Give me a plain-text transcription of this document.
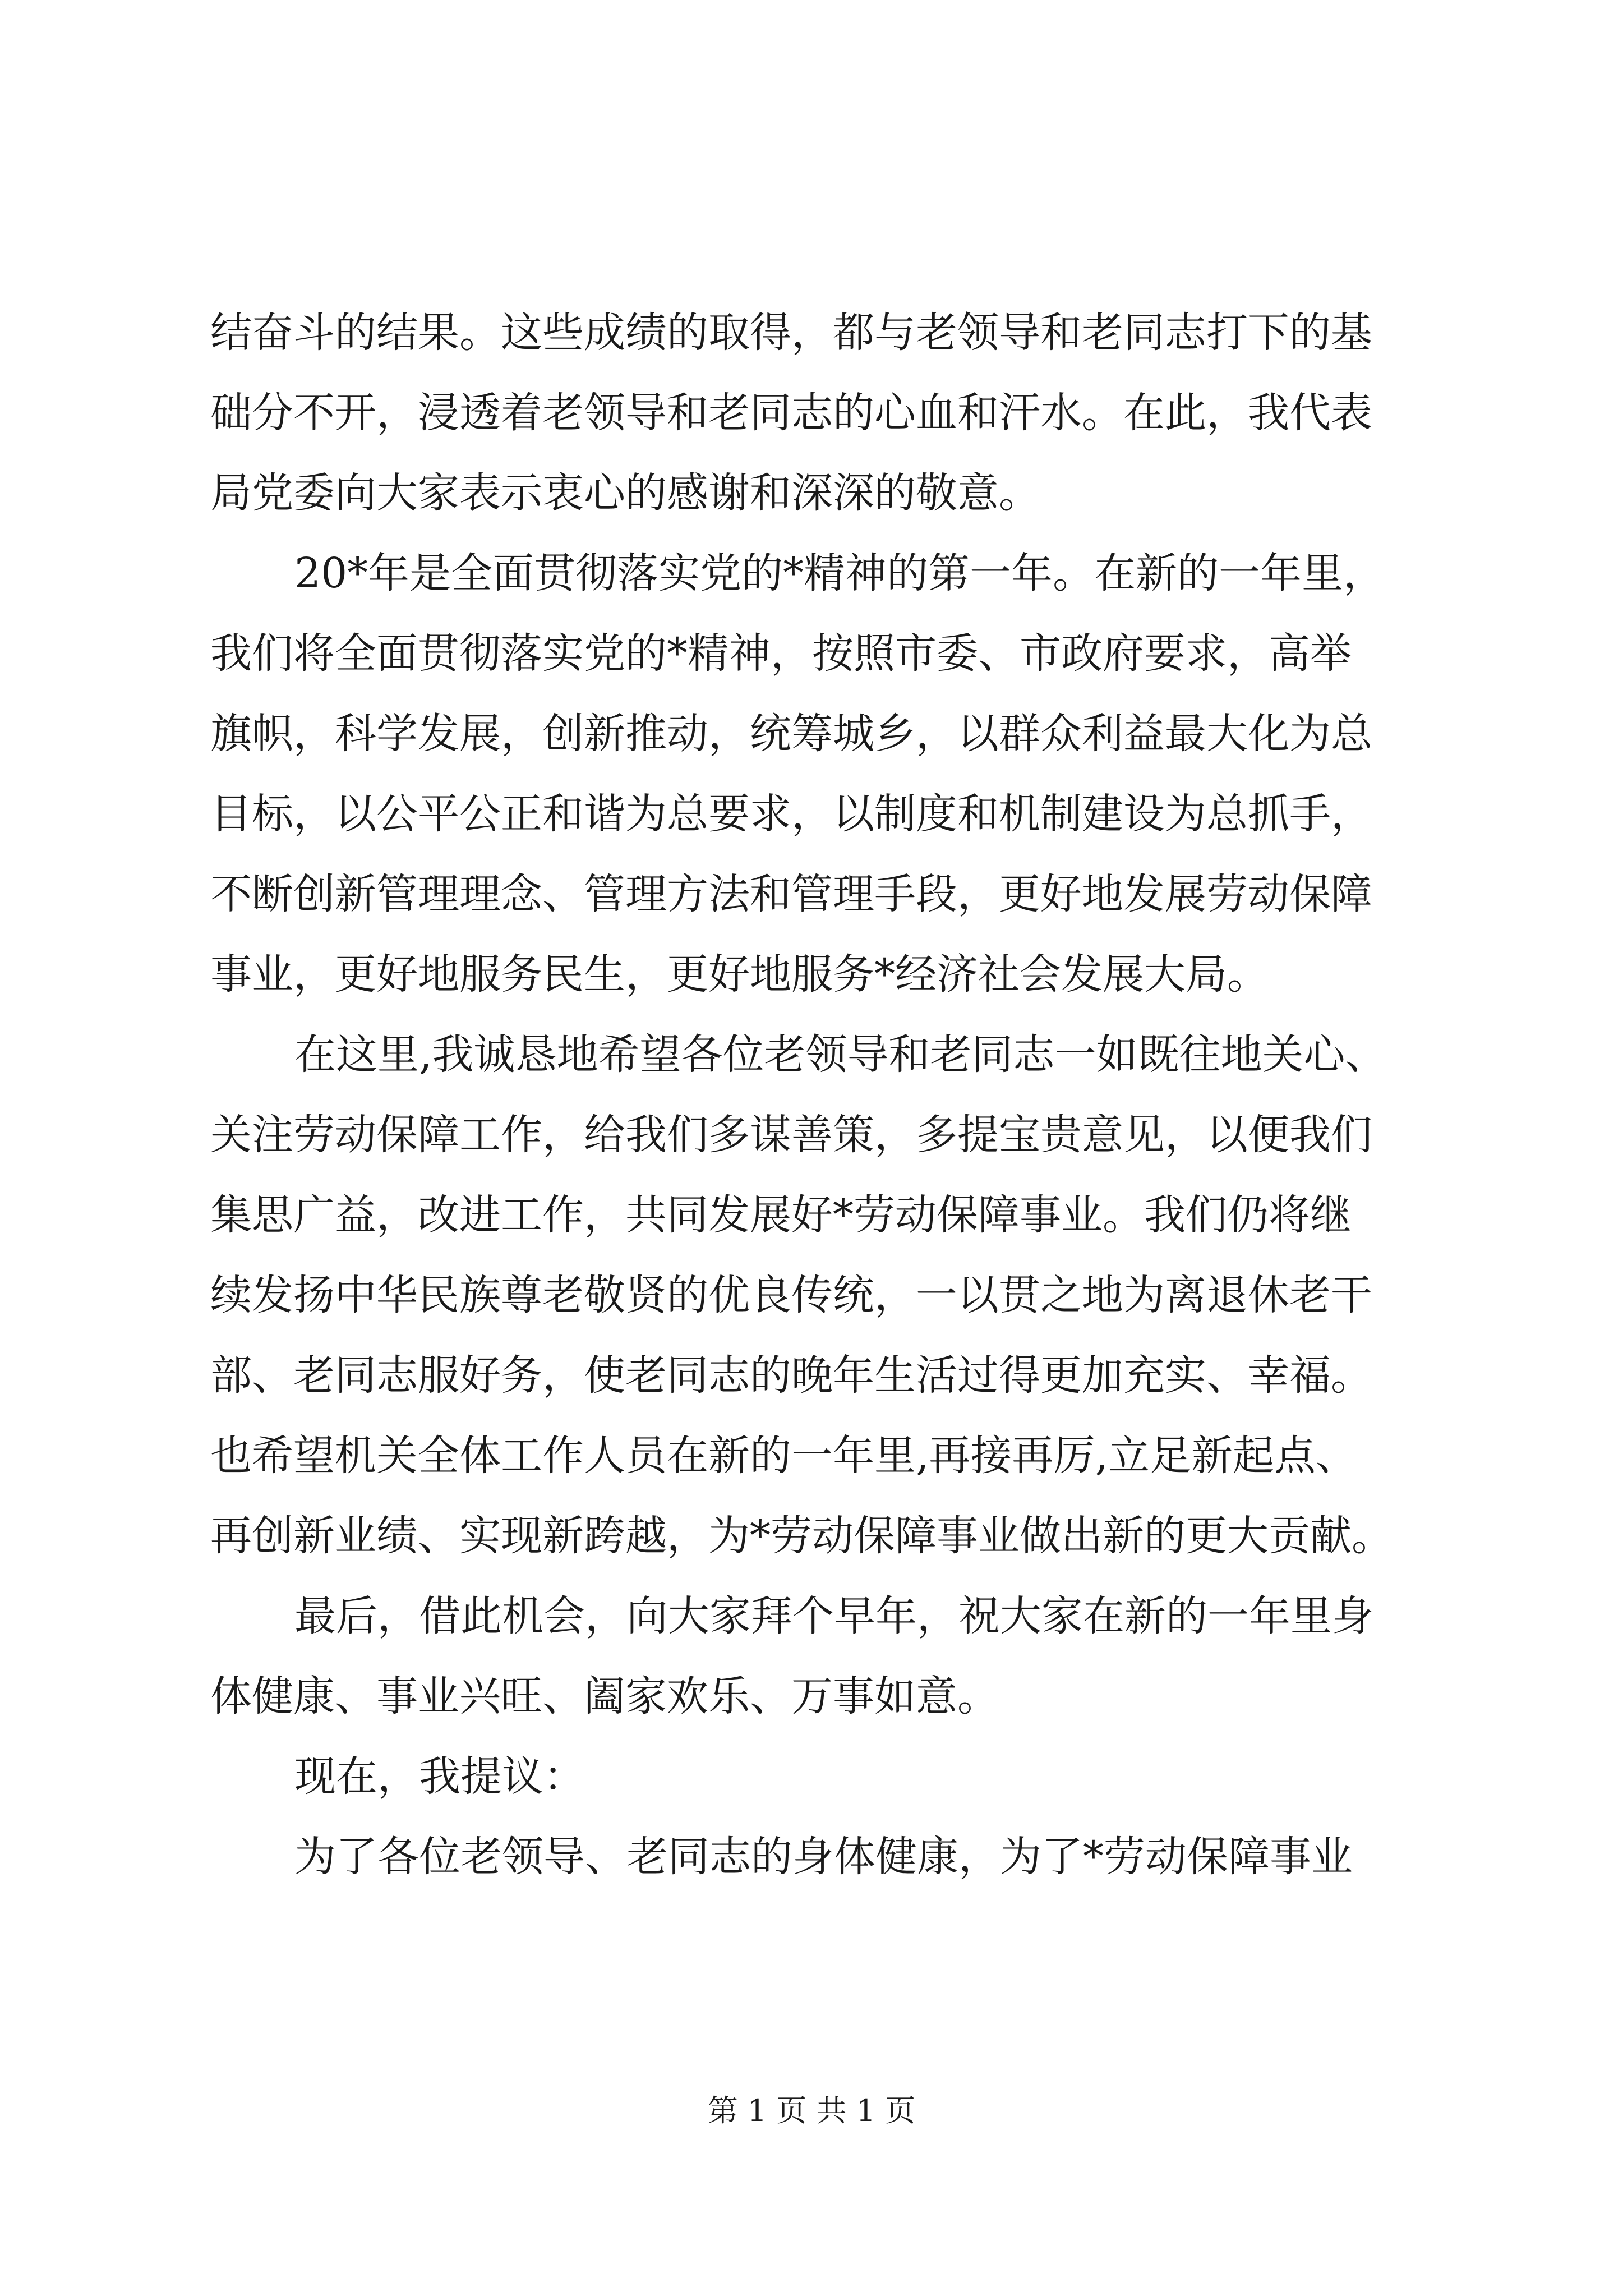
结奋斗的结果。这些成绩的取得，都与老领导和老同志打下的基
础分不开，浸透着老领导和老同志的心血和汗水。在此，我代表
局党委向大家表示衷心的感谢和深深的敬意。
20*年是全面贯彻落实党的*精神的第一年。在新的一年里，
我们将全面贯彻落实党的*精神，按照市委、市政府要求，高举
旗帜，科学发展，创新推动，统筹城乡，以群众利益最大化为总
目标，以公平公正和谐为总要求，以制度和机制建设为总抓手，
不断创新管理理念、管理方法和管理手段，更好地发展劳动保障
事业，更好地服务民生，更好地服务*经济社会发展大局。
在这里,我诚恳地希望各位老领导和老同志一如既往地关心、
关注劳动保障工作，给我们多谋善策，多提宝贵意见，以便我们
集思广益，改进工作，共同发展好*劳动保障事业。我们仍将继
续发扬中华民族尊老敬贤的优良传统，一以贯之地为离退休老干
部、老同志服好务，使老同志的晚年生活过得更加充实、幸福。
也希望机关全体工作人员在新的一年里,再接再厉,立足新起点、
再创新业绩、实现新跨越，为*劳动保障事业做出新的更大贡献。
最后，借此机会，向大家拜个早年，祝大家在新的一年里身
体健康、事业兴旺、阖家欢乐、万事如意。
现在，我提议：
为了各位老领导、老同志的身体健康，为了*劳动保障事业
第 1 页 共 1 页
